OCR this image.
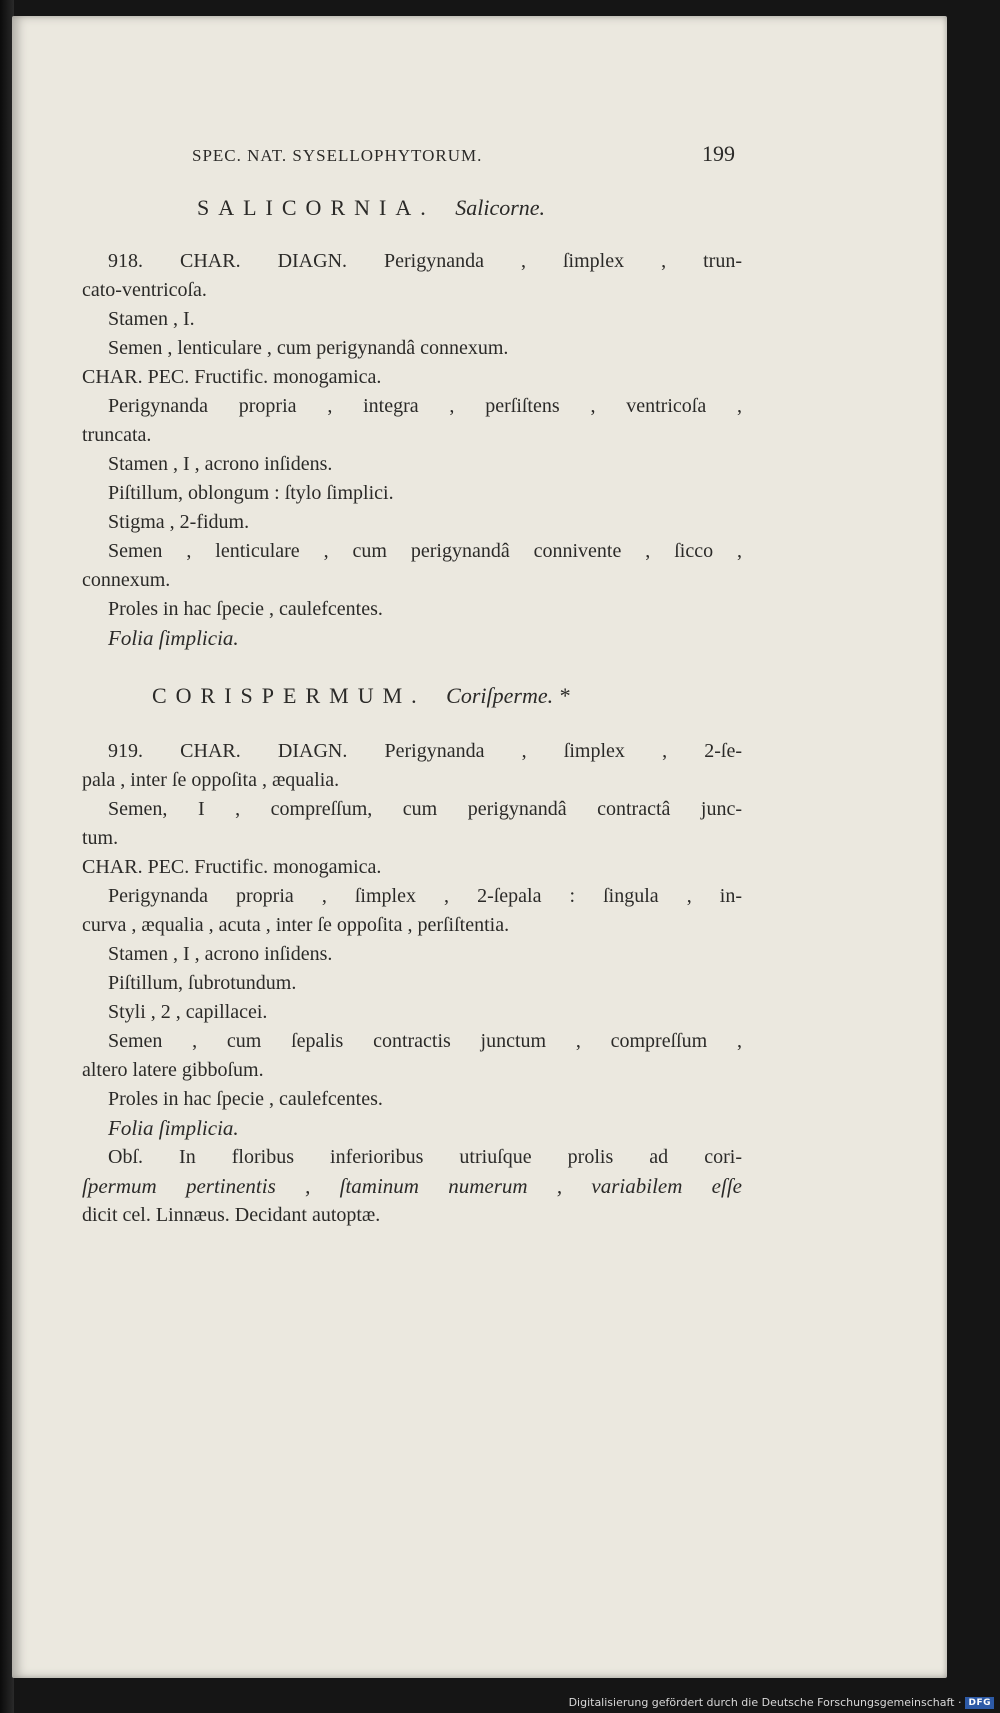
SPEC. NAT. SYSELLOPHYTORUM.	199
SALICORNIA. Salicorne.
918. CHAR. DIAGN. Perigynanda , ſimplex , trun-
cato-ventricoſa.
Stamen , I.
Semen , lenticulare , cum perigynandâ connexum.
CHAR. PEC. Fructific. monogamica.
Perigynanda propria , integra , perſiſtens , ventricoſa ,
truncata.
Stamen , I , acrono inſidens.
Piſtillum, oblongum : ſtylo ſimplici.
Stigma , 2-fidum.
Semen , lenticulare , cum perigynandâ connivente , ſicco ,
connexum.
Proles in hac ſpecie , caulefcentes.
Folia ſimplicia.
CORISPERMUM. Coriſperme. *
919. CHAR. DIAGN. Perigynanda , ſimplex , 2-ſe-
pala , inter ſe oppoſita , æqualia.
Semen, I , compreſſum, cum perigynandâ contractâ junc-
tum.
CHAR. PEC. Fructific. monogamica.
Perigynanda propria , ſimplex , 2-ſepala : ſingula , in-
curva , æqualia , acuta , inter ſe oppoſita , perſiſtentia.
Stamen , I , acrono inſidens.
Piſtillum, ſubrotundum.
Styli , 2 , capillacei.
Semen , cum ſepalis contractis junctum , compreſſum ,
altero latere gibboſum.
Proles in hac ſpecie , caulefcentes.
Folia ſimplicia.
Obſ. In floribus inferioribus utriuſque prolis ad cori-
ſpermum pertinentis , ſtaminum numerum , variabilem eſſe
dicit cel. Linnæus. Decidant autoptæ.
Digitalisierung gefördert durch die Deutsche Forschungsgemeinschaft · DFG
